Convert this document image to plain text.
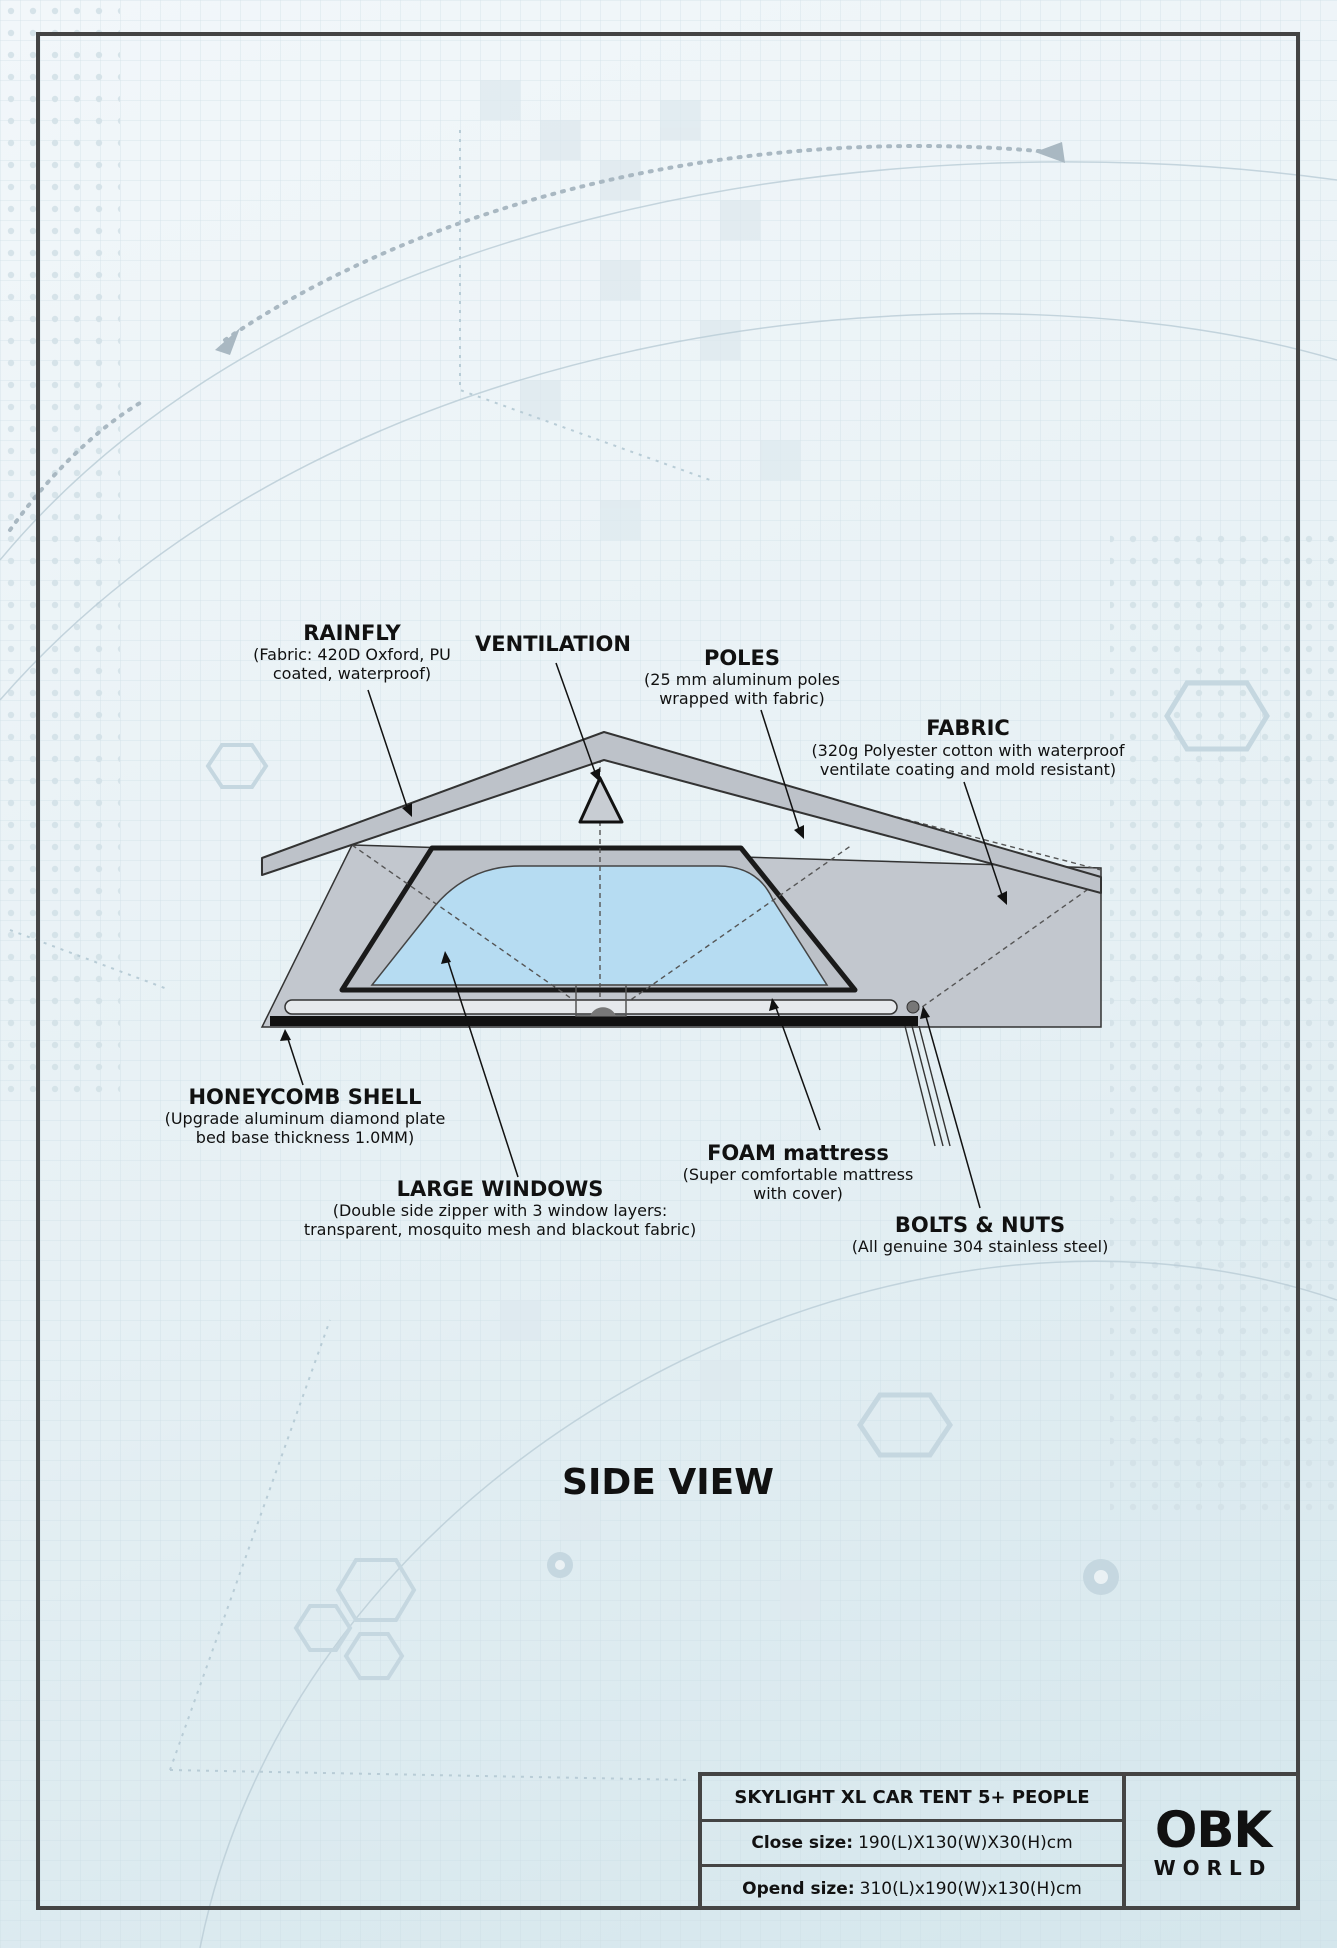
RAINFLY
(Fabric: 420D Oxford, PU
coated, waterproof)
VENTILATION
POLES
(25 mm aluminum poles
wrapped with fabric)
FABRIC
(320g Polyester cotton with waterproof
ventilate coating and mold resistant)
HONEYCOMB SHELL
(Upgrade aluminum diamond plate
bed base thickness 1.0MM)
LARGE WINDOWS
(Double side zipper with 3 window layers:
transparent, mosquito mesh and blackout fabric)
FOAM mattress
(Super comfortable mattress
with cover)
BOLTS & NUTS
(All genuine 304 stainless steel)
SIDE VIEW
SKYLIGHT XL CAR TENT 5+ PEOPLE
Close size: 190(L)X130(W)X30(H)cm
Opend size: 310(L)x190(W)x130(H)cm
OBK
WORLD
